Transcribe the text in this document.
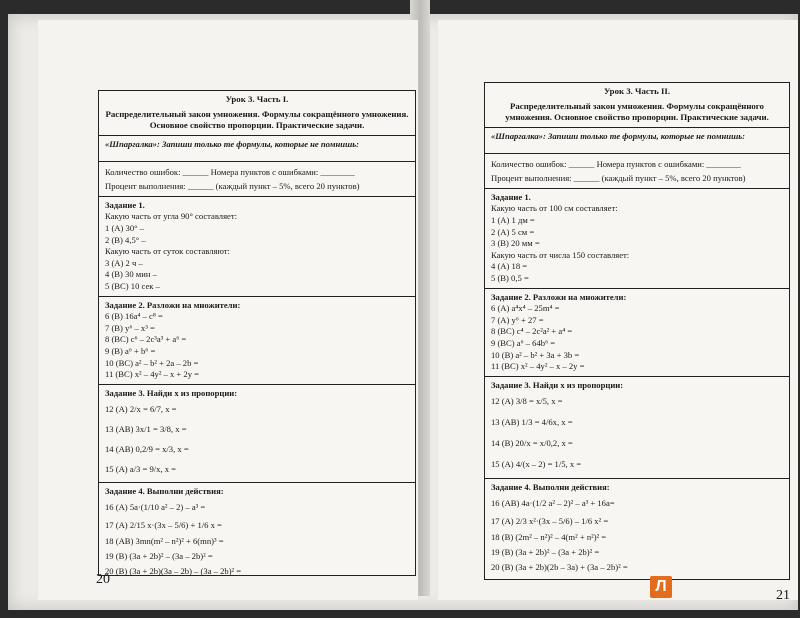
Урок 3. Часть I.
Распределительный закон умножения. Формулы сокращённого умножения. Основное свойство пропорции. Практические задачи.
«Шпаргалка»: Запиши только те формулы, которые не помнишь:
Количество ошибок: ______ Номера пунктов с ошибками: ________
Процент выполнения: ______ (каждый пункт – 5%, всего 20 пунктов)
Задание 1.
Какую часть от угла 90° составляет:
1 (А) 30° –
2 (В) 4,5° –
Какую часть от суток составляют:
3 (А) 2 ч –
4 (В) 30 мин –
5 (ВС) 10 сек –
Задание 2. Разложи на множители:
6 (В) 16a⁴ – c⁸ =
7 (В) y⁶ – x³ =
8 (ВС) c⁶ – 2c³a³ + a⁶ =
9 (В) a⁶ + b⁶ =
10 (ВС) a² – b² + 2a – 2b =
11 (ВС) x² – 4y² – x + 2y =
Задание 3. Найди x из пропорции:
12 (А) 2/x = 6/7, x =
13 (АВ) 3x/1 = 3/8, x =
14 (АВ) 0,2/9 = x/3, x =
15 (А) a/3 = 9/x, x =
Задание 4. Выполни действия:
16 (А) 5a·(1/10 a² – 2) – a³ =
17 (А) 2/15 x·(3x – 5/6) + 1/6 x =
18 (АВ) 3mn(m² – n²)² + 6(mn)³ =
19 (В) (3a + 2b)² – (3a – 2b)² =
20 (В) (3a + 2b)(3a – 2b) – (3a – 2b)² =
20
Урок 3. Часть II.
Распределительный закон умножения. Формулы сокращённого умножения. Основное свойство пропорции. Практические задачи.
«Шпаргалка»: Запиши только те формулы, которые не помнишь:
Количество ошибок: ______ Номера пунктов с ошибками: ________
Процент выполнения: ______ (каждый пункт – 5%, всего 20 пунктов)
Задание 1.
Какую часть от 100 см составляет:
1 (А) 1 дм =
2 (А) 5 см =
3 (В) 20 мм =
Какую часть от числа 150 составляет:
4 (А) 18 =
5 (В) 0,5 =
Задание 2. Разложи на множители:
6 (А) a⁴x⁴ – 25m⁴ =
7 (А) y⁶ + 27 =
8 (ВС) c⁴ – 2c²a² + a⁴ =
9 (ВС) a⁶ – 64b⁶ =
10 (В) a² – b² + 3a + 3b =
11 (ВС) x² – 4y² – x – 2y =
Задание 3. Найди x из пропорции:
12 (А) 3/8 = x/5, x =
13 (АВ) 1/3 = 4/6x, x =
14 (В) 20/x = x/0,2, x =
15 (А) 4/(x – 2) = 1/5, x =
Задание 4. Выполни действия:
16 (АВ) 4a·(1/2 a² – 2)² – a³ + 16a=
17 (А) 2/3 x²·(3x – 5/6) – 1/6 x² =
18 (В) (2m² – n²)² – 4(m² + n²)² =
19 (В) (3a + 2b)² – (3a + 2b)² =
20 (В) (3a + 2b)(2b – 3a) + (3a – 2b)² =
21
Л
